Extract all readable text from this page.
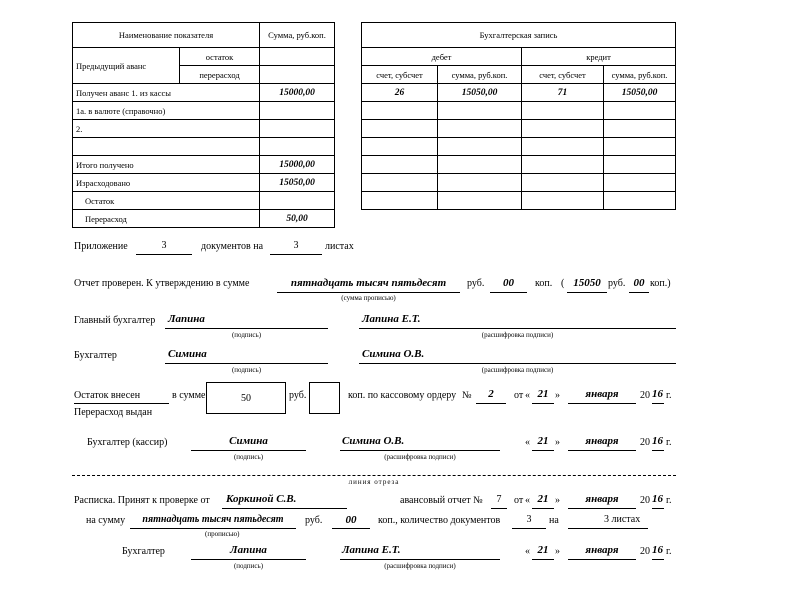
Наименование показателя		Сумма, руб.коп.
Предыдущий аванс	остаток	
	перерасход	
Получен аванс 1. из кассы		15000,00
1а. в валюте (справочно)		
2.		

Итого получено		15000,00
Израсходовано		15050,00
Остаток		
Перерасход		50,00
Бухгалтерская запись			
дебет		кредит	
счет, субсчет	сумма, руб.коп.	счет, субсчет	сумма, руб.коп.
26	15050,00	71	15050,00

Приложение	3	документов на	3	листах
Отчет проверен. К утверждению в сумме	пятнадцать тысяч пятьдесят
(сумма прописью)
руб.	00	коп. ( 15050 руб. 00 коп.)
Главный бухгалтер Лапина
(подпись)
Лапина Е.Т.
(расшифровка подписи)
Бухгалтер	Симина
(подпись)
Симина О.В.
(расшифровка подписи)
Остаток внесен
Перерасход выдан
в сумме	50	руб.	коп. по кассовому ордеру №	2	от « 21 »	января	20 16 г.
Бухгалтер (кассир)	Симина
(подпись)
Симина О.В.
(расшифровка подписи)
« 21 »	января	20 16 г.
линия отреза
Расписка. Принят к проверке от Коркиной С.В.	авансовый отчет №	7	от « 21 »	января	20 16 г.
на сумму	пятнадцать тысяч пятьдесят
(прописью)
руб.	00	коп., количество документов	3	на	3 листах
Бухгалтер	Лапина
(подпись)
Лапина Е.Т.
(расшифровка подписи)
« 21 »	января	20 16 г.
